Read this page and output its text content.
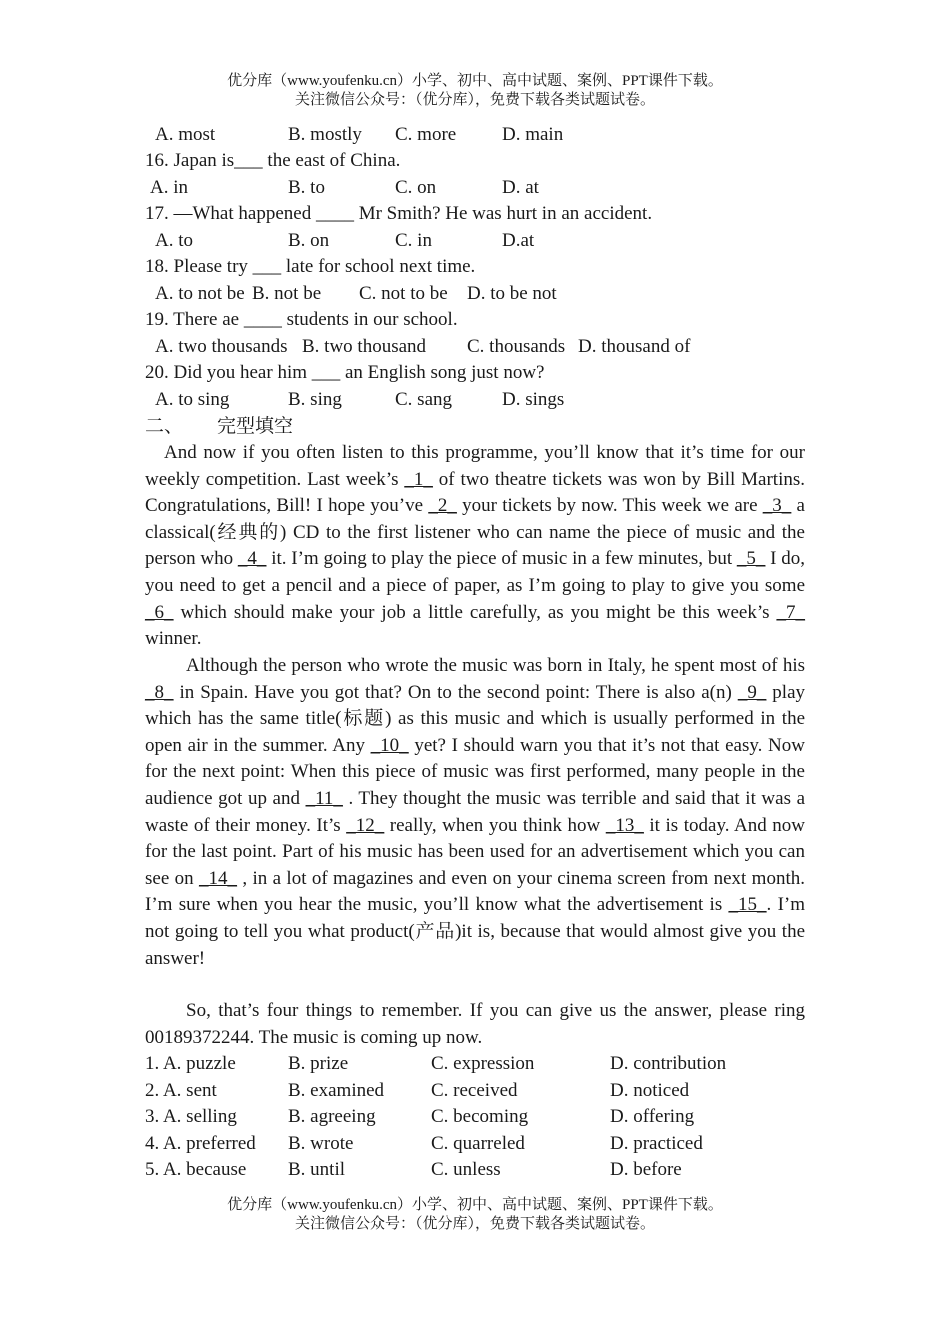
优分库（www.youfenku.cn）小学、初中、高中试题、案例、PPT课件下载。
关注微信公众号：（优分库），免费下载各类试题试卷。
A. most	B. mostly C. more D. main
16. Japan is___ the east of China.
A. in	B. to	C. on	D. at
17. —What happened ____ Mr Smith? He was hurt in an accident.
A. to	B. on	C. in	D.at
18. Please try ___ late for school next time.
A. to not be B. not be C. not to be D. to be not
19. There ae ____ students in our school.
A. two thousands B. two thousand C. thousands D. thousand of
20. Did you hear him ___ an English song just now?
A. to sing	B. sing	C. sang	D. sings
二、 完型填空
And now if you often listen to this programme, you’ll know that it’s time for our weekly competition. Last week’s _1_ of two theatre tickets was won by Bill Martins. Congratulations, Bill! I hope you’ve _2_ your tickets by now. This week we are _3_ a classical(经典的) CD to the first listener who can name the piece of music and the person who _4_ it. I’m going to play the piece of music in a few minutes, but _5_ I do, you need to get a pencil and a piece of paper, as I’m going to play to give you some _6_ which should make your job a little carefully, as you might be this week’s _7_ winner.
Although the person who wrote the music was born in Italy, he spent most of his _8_ in Spain. Have you got that? On to the second point: There is also a(n) _9_ play which has the same title(标题) as this music and which is usually performed in the open air in the summer. Any _10_ yet? I should warn you that it’s not that easy. Now for the next point: When this piece of music was first performed, many people in the audience got up and _11_ . They thought the music was terrible and said that it was a waste of their money. It’s _12_ really, when you think how _13_ it is today. And now for the last point. Part of his music has been used for an advertisement which you can see on _14_ , in a lot of magazines and even on your cinema screen from next month. I’m sure when you hear the music, you’ll know what the advertisement is _15_. I’m not going to tell you what product(产品)it is, because that would almost give you the answer!
So, that’s four things to remember. If you can give us the answer, please ring 00189372244. The music is coming up now.
1. A. puzzle	B. prize	C. expression	D. contribution
2. A. sent	B. examined C. received	D. noticed
3. A. selling	B. agreeing	C. becoming	D. offering
4. A. preferred B. wrote	C. quarreled	D. practiced
5. A. because B. until	C. unless	D. before
优分库（www.youfenku.cn）小学、初中、高中试题、案例、PPT课件下载。
关注微信公众号：（优分库），免费下载各类试题试卷。
